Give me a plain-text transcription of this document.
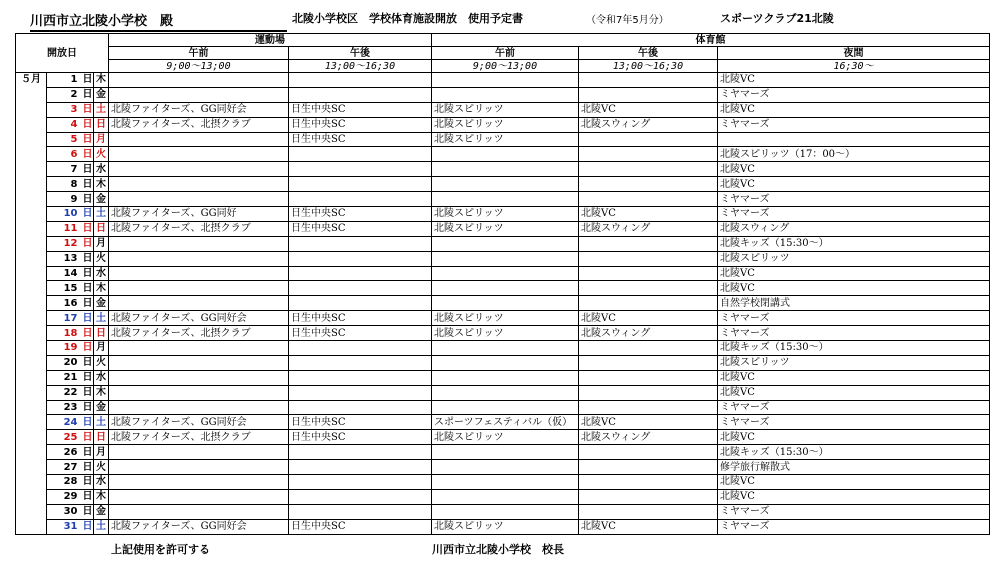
川西市立北陵小学校　殿	北陵小学校区　学校体育施設開放　使用予定書	（令和7年5月分）	スポーツクラブ21北陵
開放日				運動場		体育館		
				午前	午後	午前	午後	夜間
				9;00～13;00	13;00～16;30	9;00～13;00	13;00～16;30	16;30～
５月	1	日	木					北陵VC
	2	日	金					ミヤマーズ
	3	日	土	北陵ファイターズ、GG同好会	日生中央SC	北陵スピリッツ	北陵VC	北陵VC
	4	日	日	北陵ファイターズ、北摂クラブ	日生中央SC	北陵スピリッツ	北陵スウィング	ミヤマーズ
	5	日	月		日生中央SC	北陵スピリッツ		
	6	日	火					北陵スピリッツ（17：00～）
	7	日	水					北陵VC
	8	日	木					北陵VC
	9	日	金					ミヤマーズ
	10	日	土	北陵ファイターズ、GG同好	日生中央SC	北陵スピリッツ	北陵VC	ミヤマーズ
	11	日	日	北陵ファイターズ、北摂クラブ	日生中央SC	北陵スピリッツ	北陵スウィング	北陵スウィング
	12	日	月					北陵キッズ（15:30～）
	13	日	火					北陵スピリッツ
	14	日	水					北陵VC
	15	日	木					北陵VC
	16	日	金					自然学校閉講式
	17	日	土	北陵ファイターズ、GG同好会	日生中央SC	北陵スピリッツ	北陵VC	ミヤマーズ
	18	日	日	北陵ファイターズ、北摂クラブ	日生中央SC	北陵スピリッツ	北陵スウィング	ミヤマーズ
	19	日	月					北陵キッズ（15:30～）
	20	日	火					北陵スピリッツ
	21	日	水					北陵VC
	22	日	木					北陵VC
	23	日	金					ミヤマーズ
	24	日	土	北陵ファイターズ、GG同好会	日生中央SC	スポーツフェスティバル（仮）	北陵VC	ミヤマーズ
	25	日	日	北陵ファイターズ、北摂クラブ	日生中央SC	北陵スピリッツ	北陵スウィング	北陵VC
	26	日	月					北陵キッズ（15:30～）
	27	日	火					修学旅行解散式
	28	日	水					北陵VC
	29	日	木					北陵VC
	30	日	金					ミヤマーズ
	31	日	土	北陵ファイターズ、GG同好会	日生中央SC	北陵スピリッツ	北陵VC	ミヤマーズ
上記使用を許可する	川西市立北陵小学校　校長
